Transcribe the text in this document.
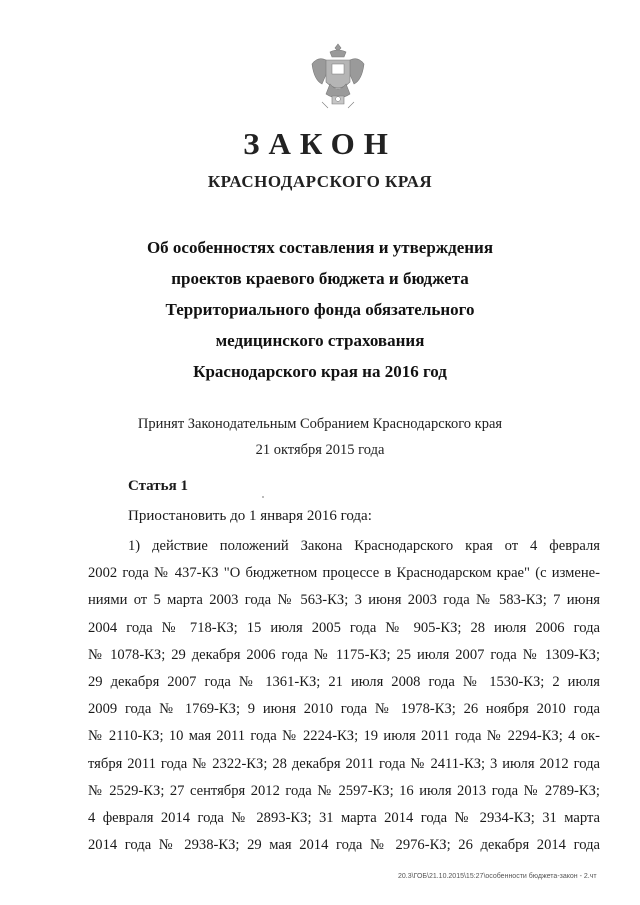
ЗАКОН
КРАСНОДАРСКОГО КРАЯ
Об особенностях составления и утверждения
проектов краевого бюджета и бюджета
Территориального фонда обязательного
медицинского страхования
Краснодарского края на 2016 год
Принят Законодательным Собранием Краснодарского края
21 октября 2015 года
Статья 1
Приостановить до 1 января 2016 года:
1) действие положений Закона Краснодарского края от 4 февраля
2002 года № 437-КЗ "О бюджетном процессе в Краснодарском крае" (с измене-
ниями от 5 марта 2003 года № 563-КЗ; 3 июня 2003 года № 583-КЗ; 7 июня
2004 года № 718-КЗ; 15 июля 2005 года № 905-КЗ; 28 июля 2006 года
№ 1078-КЗ; 29 декабря 2006 года № 1175-КЗ; 25 июля 2007 года № 1309-КЗ;
29 декабря 2007 года № 1361-КЗ; 21 июля 2008 года № 1530-КЗ; 2 июля
2009 года № 1769-КЗ; 9 июня 2010 года № 1978-КЗ; 26 ноября 2010 года
№ 2110-КЗ; 10 мая 2011 года № 2224-КЗ; 19 июля 2011 года № 2294-КЗ; 4 ок-
тября 2011 года № 2322-КЗ; 28 декабря 2011 года № 2411-КЗ; 3 июля 2012 года
№ 2529-КЗ; 27 сентября 2012 года № 2597-КЗ; 16 июля 2013 года № 2789-КЗ;
4 февраля 2014 года № 2893-КЗ; 31 марта 2014 года № 2934-КЗ; 31 марта
2014 года № 2938-КЗ; 29 мая 2014 года № 2976-КЗ; 26 декабря 2014 года
20.3\ГОБ\21.10.2015\15:27\особенности бюджета-закон - 2.чт
